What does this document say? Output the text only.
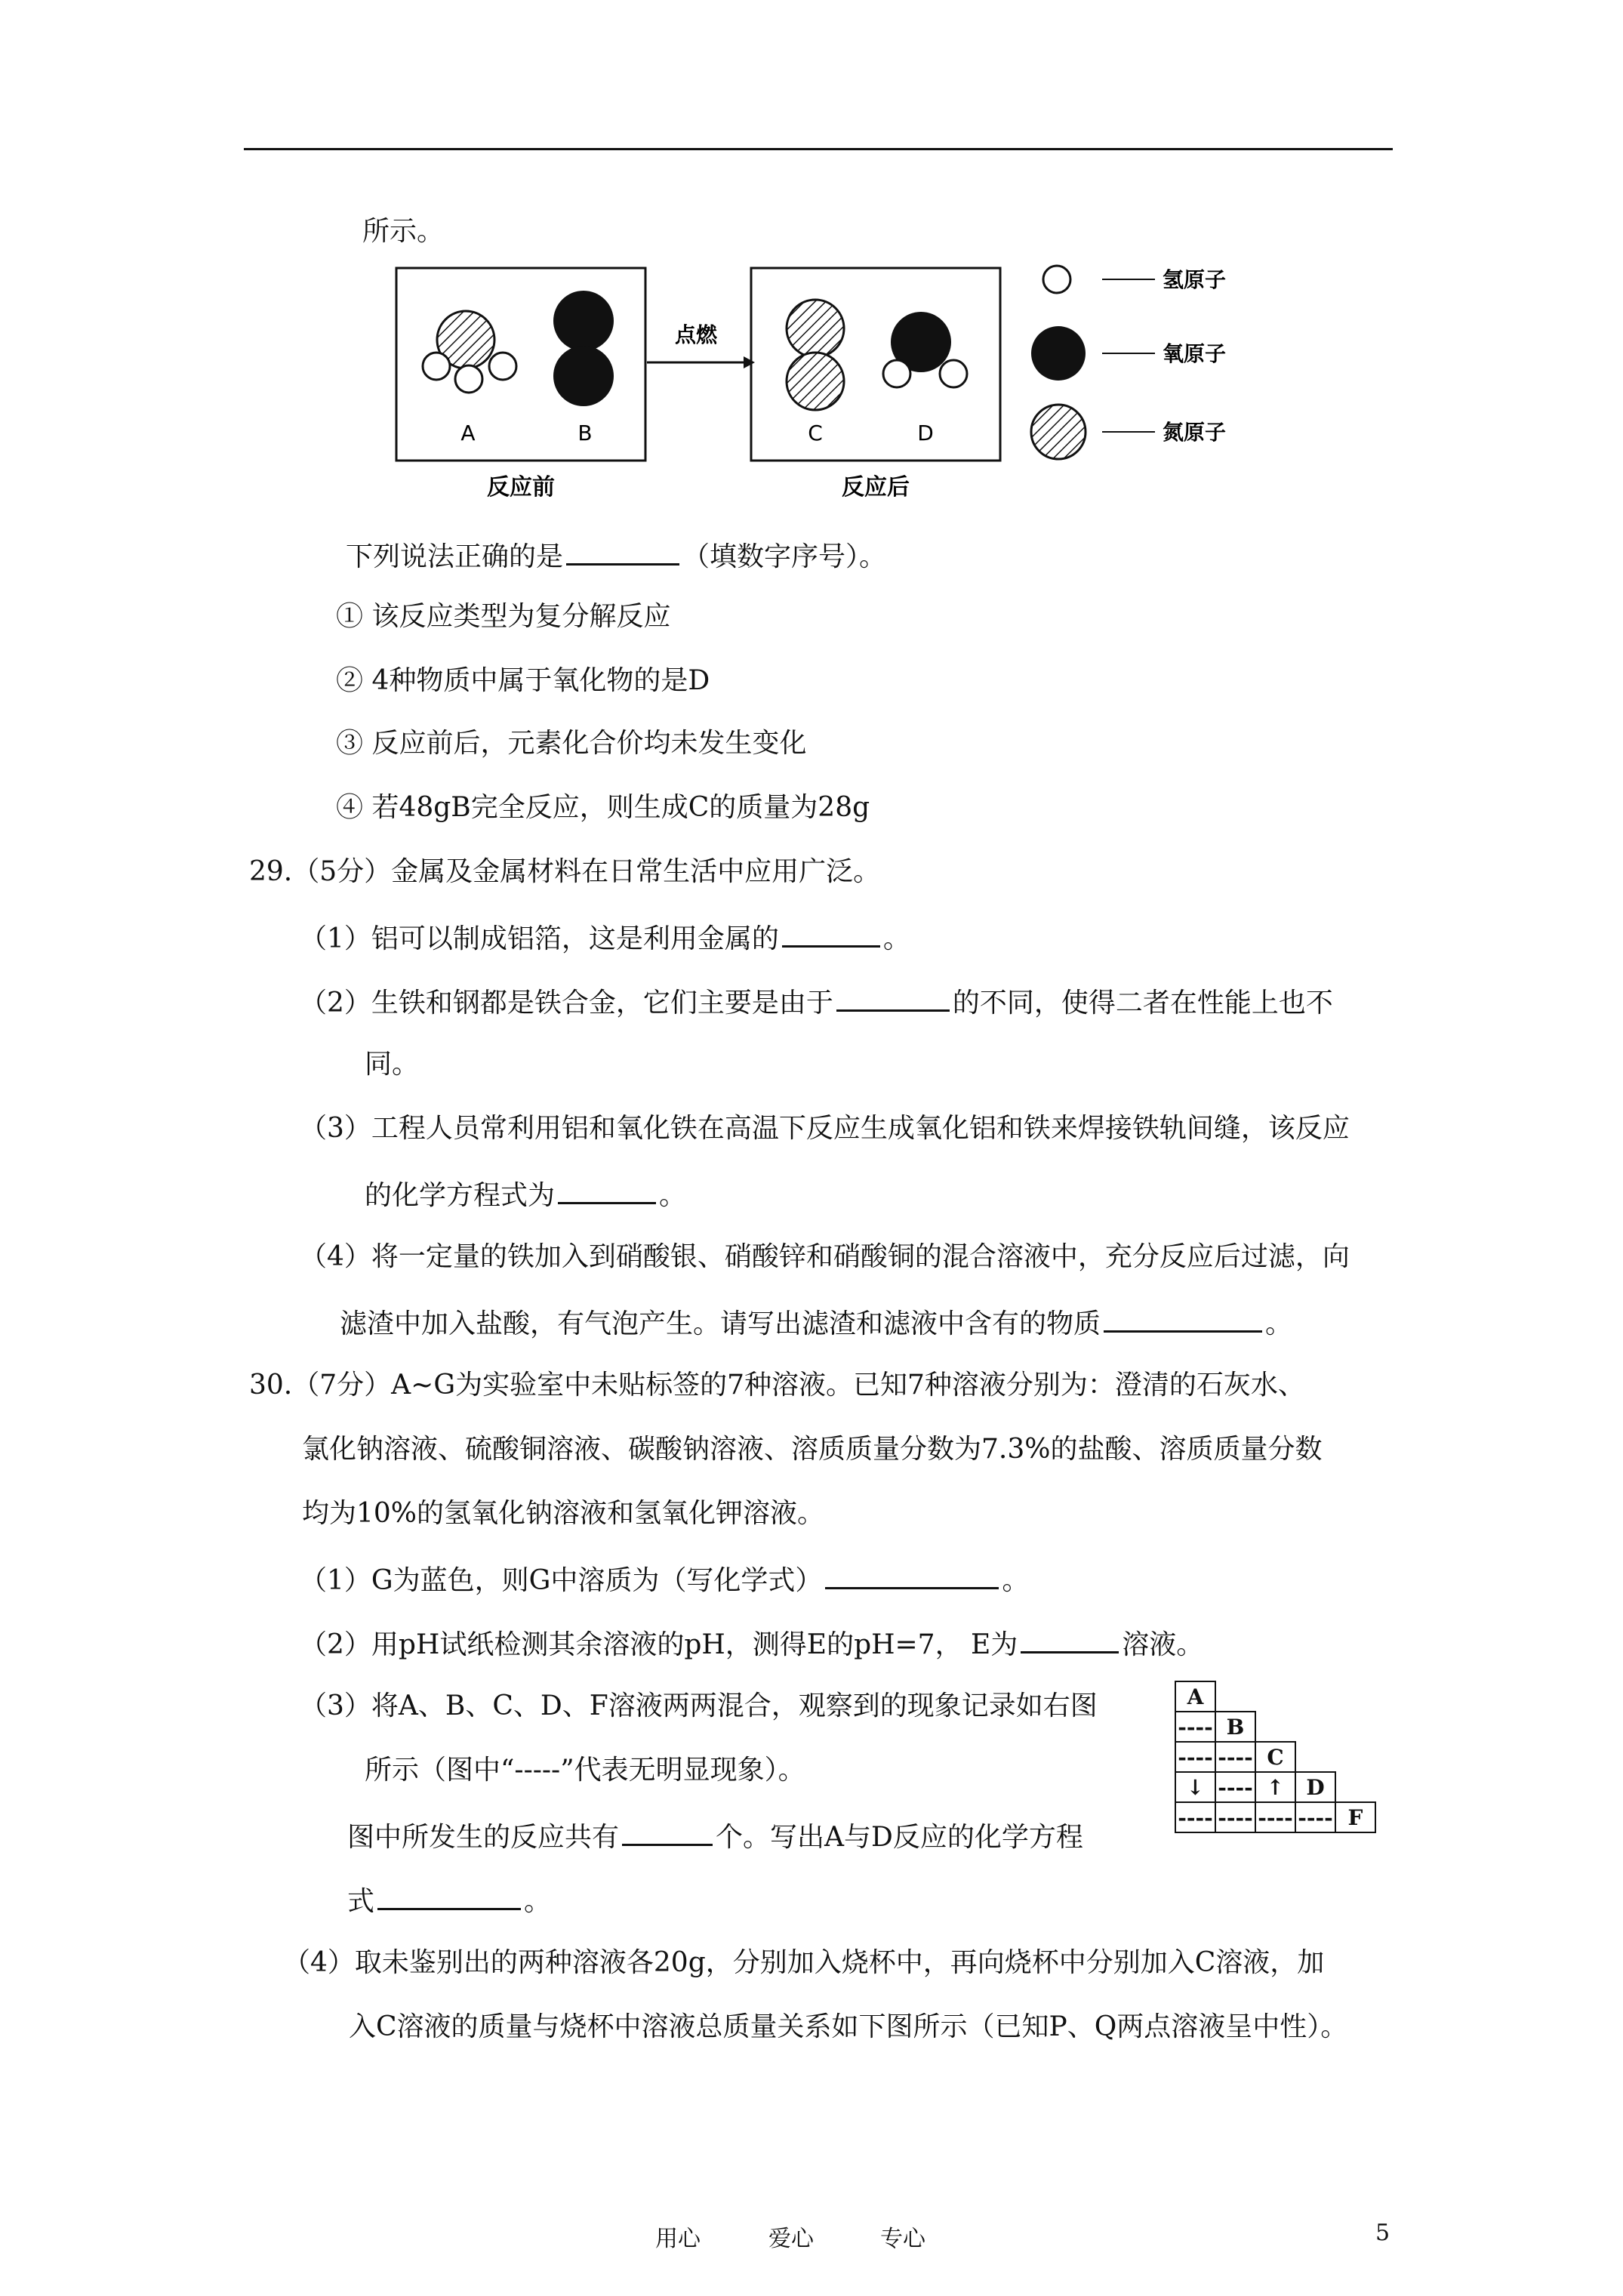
所示。
A	B
点燃
C	D
反应前	反应后
氢原子
氧原子
氮原子
下列说法正确的是	（填数字序号）。
① 该反应类型为复分解反应
② 4种物质中属于氧化物的是D
③ 反应前后，元素化合价均未发生变化
④ 若48gB完全反应，则生成C的质量为28g
29.（5分）金属及金属材料在日常生活中应用广泛。
（1）铝可以制成铝箔，这是利用金属的	。
（2）生铁和钢都是铁合金，它们主要是由于	的不同，使得二者在性能上也不
同。
（3）工程人员常利用铝和氧化铁在高温下反应生成氧化铝和铁来焊接铁轨间缝，该反应
的化学方程式为	。
（4）将一定量的铁加入到硝酸银、硝酸锌和硝酸铜的混合溶液中，充分反应后过滤，向
滤渣中加入盐酸，有气泡产生。请写出滤渣和滤液中含有的物质	。
30.（7分）A~G为实验室中未贴标签的7种溶液。已知7种溶液分别为：澄清的石灰水、
氯化钠溶液、硫酸铜溶液、碳酸钠溶液、溶质质量分数为7.3%的盐酸、溶质质量分数
均为10%的氢氧化钠溶液和氢氧化钾溶液。
（1）G为蓝色，则G中溶质为（写化学式）	。
（2）用pH试纸检测其余溶液的pH，测得E的pH=7， E为	溶液。
（3）将A、B、C、D、F溶液两两混合，观察到的现象记录如右图
所示（图中“-----”代表无明显现象）。
图中所发生的反应共有	个。写出A与D反应的化学方程
式	。
A
---- B
---- ---- C
↓ ---- ↑	D
---- ---- ---- ---- F
（4）取未鉴别出的两种溶液各20g，分别加入烧杯中，再向烧杯中分别加入C溶液，加
入C溶液的质量与烧杯中溶液总质量关系如下图所示（已知P、Q两点溶液呈中性）。
用心	爱心	专心	5
